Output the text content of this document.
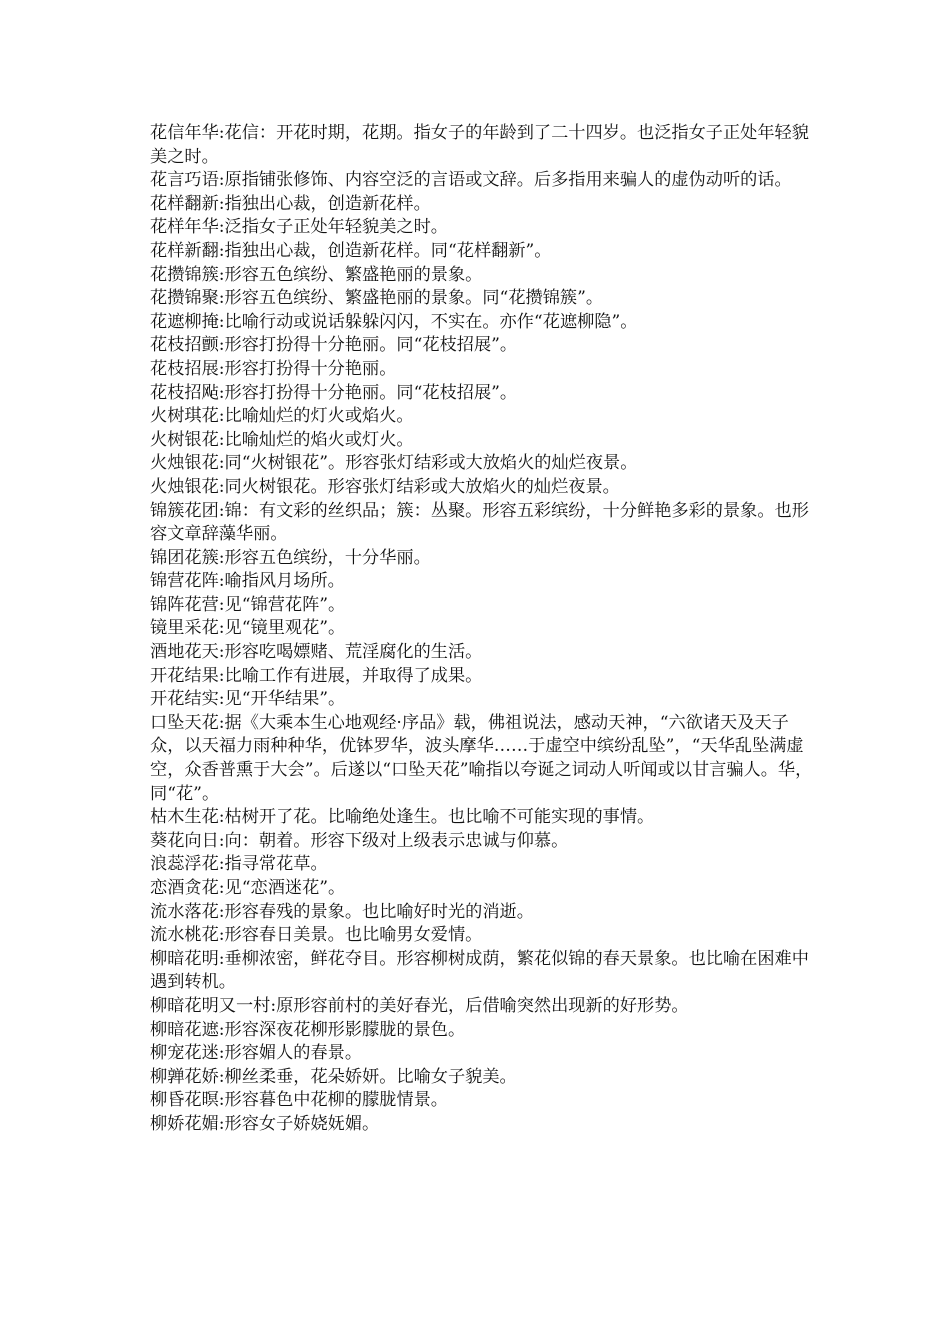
花信年华:花信：开花时期，花期。指女子的年龄到了二十四岁。也泛指女子正处年轻貌美之时。

花言巧语:原指铺张修饰、内容空泛的言语或文辞。后多指用来骗人的虚伪动听的话。

花样翻新:指独出心裁，创造新花样。

花样年华:泛指女子正处年轻貌美之时。

花样新翻:指独出心裁，创造新花样。同“花样翻新”。

花攒锦簇:形容五色缤纷、繁盛艳丽的景象。

花攒锦聚:形容五色缤纷、繁盛艳丽的景象。同“花攒锦簇”。

花遮柳掩:比喻行动或说话躲躲闪闪，不实在。亦作“花遮柳隐”。

花枝招颤:形容打扮得十分艳丽。同“花枝招展”。

花枝招展:形容打扮得十分艳丽。

花枝招飐:形容打扮得十分艳丽。同“花枝招展”。

火树琪花:比喻灿烂的灯火或焰火。

火树银花:比喻灿烂的焰火或灯火。

火烛银花:同“火树银花”。形容张灯结彩或大放焰火的灿烂夜景。

火烛银花:同火树银花。形容张灯结彩或大放焰火的灿烂夜景。

锦簇花团:锦：有文彩的丝织品；簇：丛聚。形容五彩缤纷，十分鲜艳多彩的景象。也形容文章辞藻华丽。

锦团花簇:形容五色缤纷，十分华丽。

锦营花阵:喻指风月场所。

锦阵花营:见“锦营花阵”。

镜里采花:见“镜里观花”。

酒地花天:形容吃喝嫖赌、荒淫腐化的生活。

开花结果:比喻工作有进展，并取得了成果。

开花结实:见“开华结果”。

口坠天花:据《大乘本生心地观经·序品》载，佛祖说法，感动天神，“六欲诸天及天子众，以天福力雨种种华，优钵罗华，波头摩华……于虚空中缤纷乱坠”，“天华乱坠满虚空，众香普熏于大会”。后遂以“口坠天花”喻指以夸诞之词动人听闻或以甘言骗人。华，同“花”。

枯木生花:枯树开了花。比喻绝处逢生。也比喻不可能实现的事情。

葵花向日:向：朝着。形容下级对上级表示忠诚与仰慕。

浪蕊浮花:指寻常花草。

恋酒贪花:见“恋酒迷花”。

流水落花:形容春残的景象。也比喻好时光的消逝。

流水桃花:形容春日美景。也比喻男女爱情。

柳暗花明:垂柳浓密，鲜花夺目。形容柳树成荫，繁花似锦的春天景象。也比喻在困难中遇到转机。

柳暗花明又一村:原形容前村的美好春光，后借喻突然出现新的好形势。

柳暗花遮:形容深夜花柳形影朦胧的景色。

柳宠花迷:形容媚人的春景。

柳亸花娇:柳丝柔垂，花朵娇妍。比喻女子貌美。

柳昏花暝:形容暮色中花柳的朦胧情景。

柳娇花媚:形容女子娇娆妩媚。
